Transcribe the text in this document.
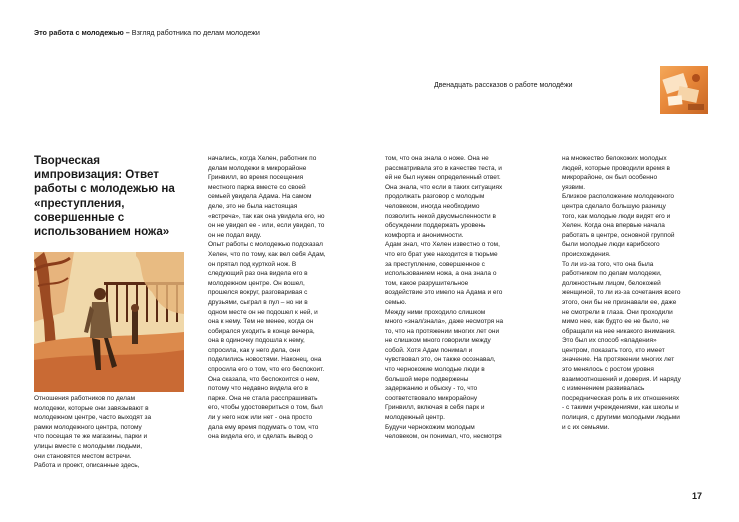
Это работа с молодежью – Взгляд работника по делам молодежи
Двенадцать рассказов о работе молодёжи
Творческая
импровизация: Ответ
работы с молодежью на
«преступления,
совершенные с
использованием ножа»

Отношения работников по делам

молодежи, которые они завязывают в

молодежном центре, часто выходят за

рамки молодежного центра, потому

что посещая те же магазины, парки и

улицы вместе с молодыми людьми,

они становятся местом встречи.

Работа и проект, описанные здесь,

начались, когда Хелен, работник по

делам молодежи в микрорайоне

Гринвилл, во время посещения

местного парка вместе со своей

семьей увидела Адама. На самом

деле, это не была настоящая

«встреча», так как она увидела его, но

он не увидел ее - или, если увидел, то

он не подал виду.

Опыт работы с молодежью подсказал

Хелен, что по тому, как вел себя Адам,

он прятал под курткой нож. В

следующий раз она видела его в

молодежном центре. Он вошел,

прошелся вокруг, разговаривая с

друзьями, сыграл в пул – но ни в

одном месте он не подошел к ней, и

она к нему. Тем не менее, когда он

собирался уходить в конце вечера,

она в одиночку подошла к нему,

спросила, как у него дела, они

поделились новостями. Наконец, она

спросила его о том, что его беспокоит.

Она сказала, что беспокоится о нем,

потому что недавно видела его в

парке. Она не стала расспрашивать

его, чтобы удостовериться о том, был

ли у него нож или нет - она просто

дала ему время подумать о том, что

она видела его, и сделать вывод о

том, что она знала о ноже. Она не

рассматривала это в качестве теста, и

ей не был нужен определенный ответ.

Она знала, что если в таких ситуациях

продолжать разговор с молодым

человеком, иногда необходимо

позволить некой двусмысленности в

обсуждении поддержать уровень

комфорта и анонимности.

Адам знал, что Хелен известно о том,

что его брат уже находится в тюрьме

за преступление, совершенное с

использованием ножа, а она знала о

том, какое разрушительное

воздействие это имело на Адама и его

семью.

Между ними проходило слишком

много «знал/знала», даже несмотря на

то, что на протяжении многих лет они

не слишком много говорили между

собой. Хотя Адам понимал и

чувствовал это, он также осознавал,

что чернокожие молодые люди в

большой мере подвержены

задержанию и обыску - то, что

соответствовало микрорайону

Гринвилл, включая в себя парк и

молодежный центр.

Будучи чернокожим молодым

человеком, он понимал, что, несмотря

на множество белокожих молодых

людей, которые проводили время в

микрорайоне, он был особенно

уязвим.

Близкое расположение молодежного

центра сделало большую разницу

того, как молодые люди видят его и

Хелен. Когда она впервые начала

работать в центре, основной группой

были молодые люди карибского

происхождения.

То ли из-за того, что она была

работником по делам молодежи,

должностным лицом, белокожей

женщиной, то ли из-за сочетания всего

этого, они бы не признавали ее, даже

не смотрели в глаза. Они проходили

мимо нее, как будто ее не было, не

обращали на нее никакого внимания.

Это был их способ «владения»

центром, показать того, кто имеет

значение. На протяжении многих лет

это менялось с ростом уровня

взаимоотношений и доверия. И наряду

с изменением развивалась

посредническая роль в их отношениях

- с такими учреждениями, как школы и

полиция, с другими молодыми людьми

и с их семьями.

17
